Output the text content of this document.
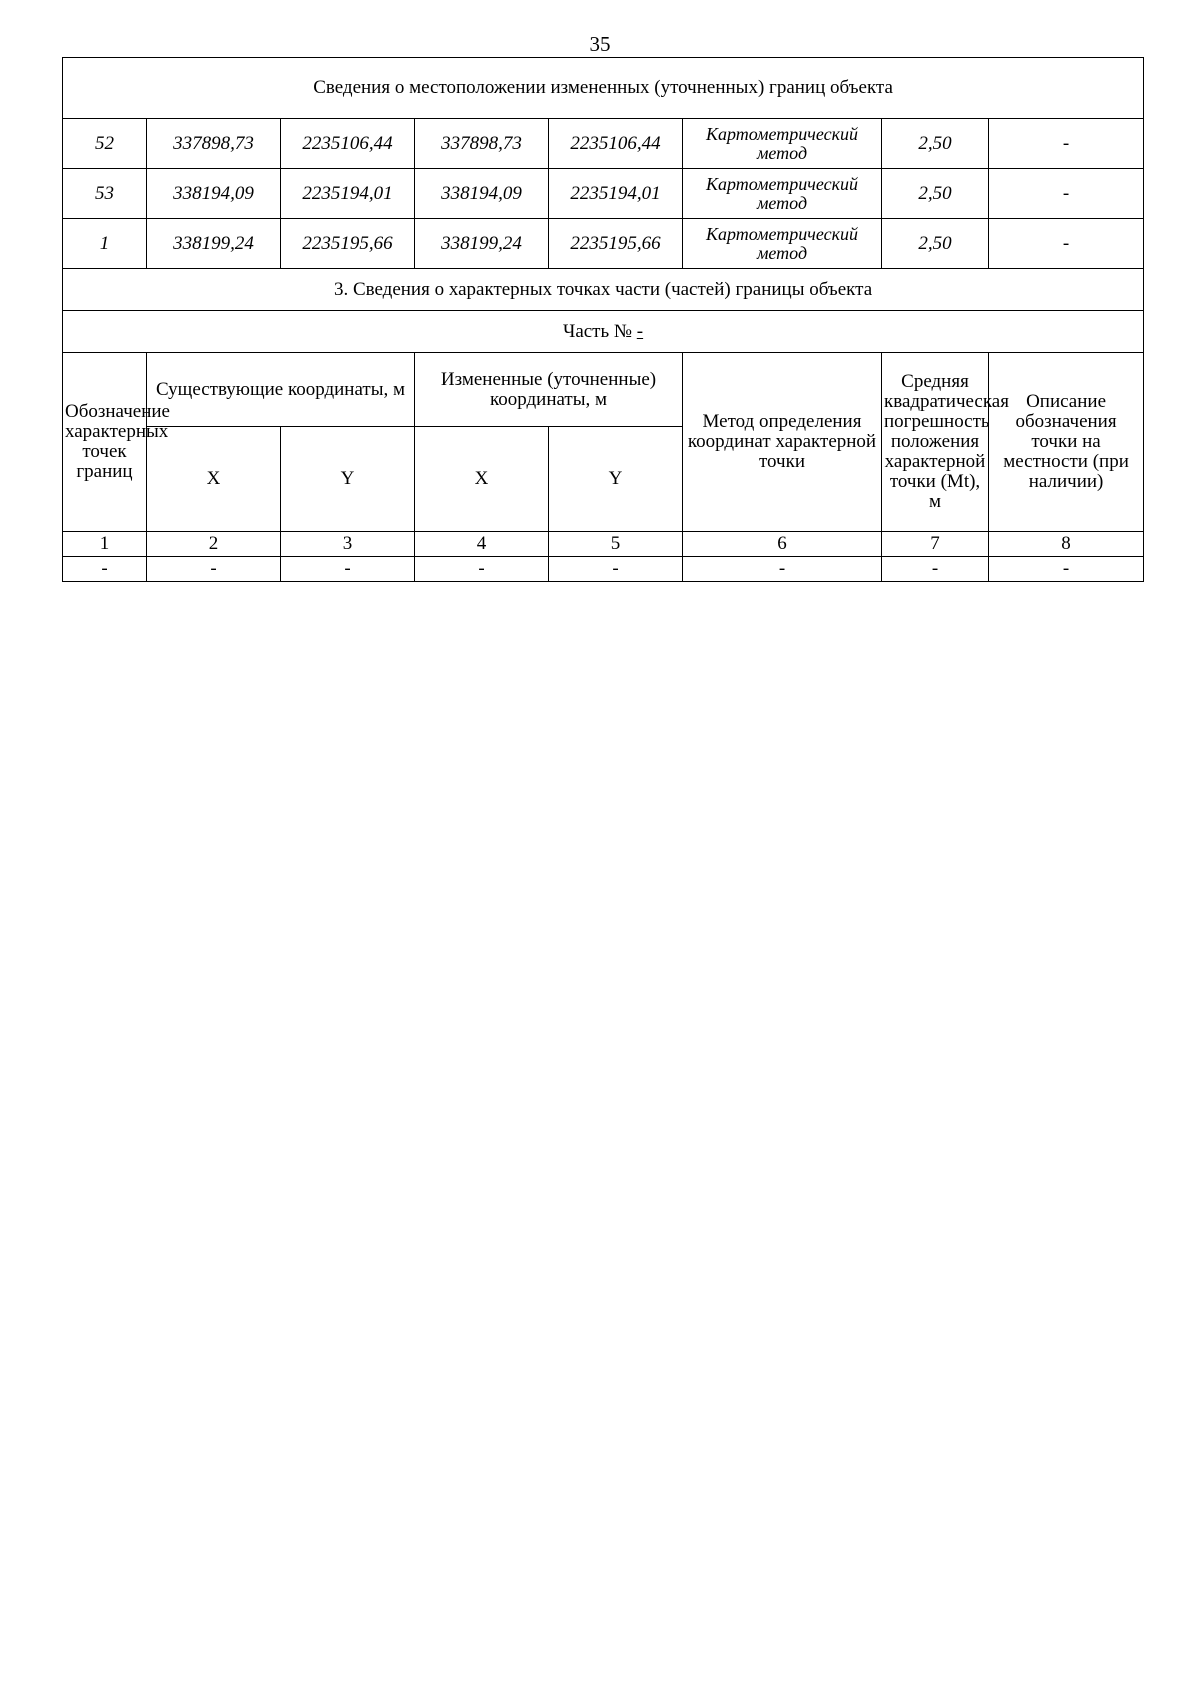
35
Сведения о местоположении измененных (уточненных) границ объекта							
52	337898,73	2235106,44	337898,73	2235106,44	Картометрический метод	2,50	-
53	338194,09	2235194,01	338194,09	2235194,01	Картометрический метод	2,50	-
1	338199,24	2235195,66	338199,24	2235195,66	Картометрический метод	2,50	-
3. Сведения о характерных точках части (частей) границы объекта							
Часть № -							
Обозначение характерных точек границ	Существующие координаты, м		Измененные (уточненные) координаты, м		Метод определения координат характерной точки	Средняя квадратическая погрешность положения характерной точки (Mt), м	Описание обозначения точки на местности (при наличии)
	X	Y	X	Y			
1	2	3	4	5	6	7	8
-	-	-	-	-	-	-	-
